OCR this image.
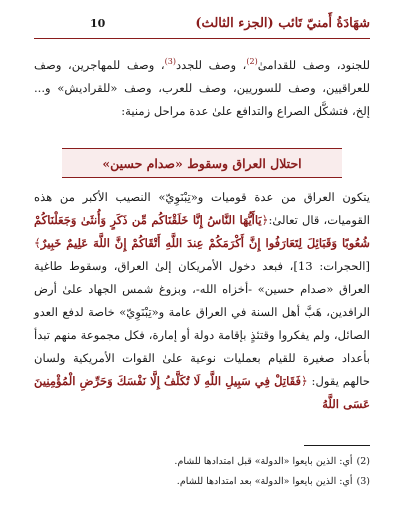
شهَادَةُ أَمنيّ تَائب (الجزء الثالث)
10
للجنود، وصف للقدامىٰ$^{(2)}$، وصف للجدد$^{(3)}$، وصف للمهاجرين، وصف للعراقيين، وصف للسوريين، وصف للعرب، وصف «للقراديش» و... إلخ، فتشكَّل الصراع والتدافع علىٰ عدة مراحل زمنية:
احتلال العراق وسقوط «صدام حسين»
يتكون العراق من عدة قوميات و«تِبْنَوِيّ» النصيب الأكبر من هذه القوميات، قال تعالىٰ:﴿يَاأَيُّهَا النَّاسُ إِنَّا خَلَقْنَاكُم مِّن ذَكَرٍ وَأُنثَىٰ وَجَعَلْنَاكُمْ شُعُوبًا وَقَبَائِلَ لِتَعَارَفُوا إِنَّ أَكْرَمَكُمْ عِندَ اللَّهِ أَتْقَاكُمْ إِنَّ اللَّهَ عَلِيمٌ خَبِيرٌ﴾ [الحجرات: 13]، فبعد دخول الأمريكان إلىٰ العراق، وسقوط طاغية العراق «صدام حسين» -أخزاه الله-، وبزوغ شمس الجهاد علىٰ أرض الرافدين، هَبَّ أهل السنة في العراق عامة و«تِبْنَوِيّ» خاصة لدفع العدو الصائل، ولم يفكروا وقتئذٍ بإقامة دولة أو إمارة، فكل مجموعة منهم تبدأ بأعداد صغيرة للقيام بعمليات نوعية علىٰ القوات الأمريكية ولسان حالهم يقول: ﴿فَقَاتِلْ فِي سَبِيلِ اللَّهِ لَا تُكَلَّفُ إِلَّا نَفْسَكَ وَحَرِّضِ الْمُؤْمِنِينَ عَسَى اللَّهُ
(2)أي: الذين بايعوا «الدولة» قبل امتدادها للشام.
(3)أي: الذين بايعوا «الدولة» بعد امتدادها للشام.
